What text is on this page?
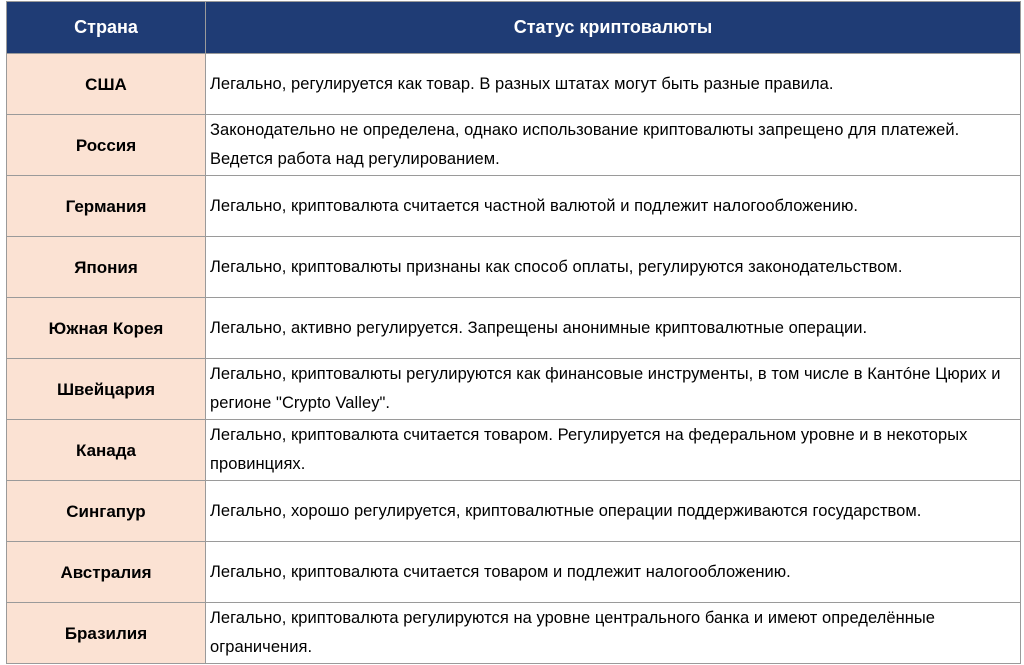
Страна	Статус криптовалюты
США	Легально, регулируется как товар. В разных штатах могут быть разные правила.
Россия	Законодательно не определена, однако использование криптовалюты запрещено для платежей. Ведется работа над регулированием.
Германия	Легально, криптовалюта считается частной валютой и подлежит налогообложению.
Япония	Легально, криптовалюты признаны как способ оплаты, регулируются законодательством.
Южная Корея	Легально, активно регулируется. Запрещены анонимные криптовалютные операции.
Швейцария	Легально, криптовалюты регулируются как финансовые инструменты, в том числе в Кантóне Цюрих и регионе "Crypto Valley".
Канада	Легально, криптовалюта считается товаром. Регулируется на федеральном уровне и в некоторых провинциях.
Сингапур	Легально, хорошо регулируется, криптовалютные операции поддерживаются государством.
Австралия	Легально, криптовалюта считается товаром и подлежит налогообложению.
Бразилия	Легально, криптовалюта регулируются на уровне центрального банка и имеют определённые ограничения.
